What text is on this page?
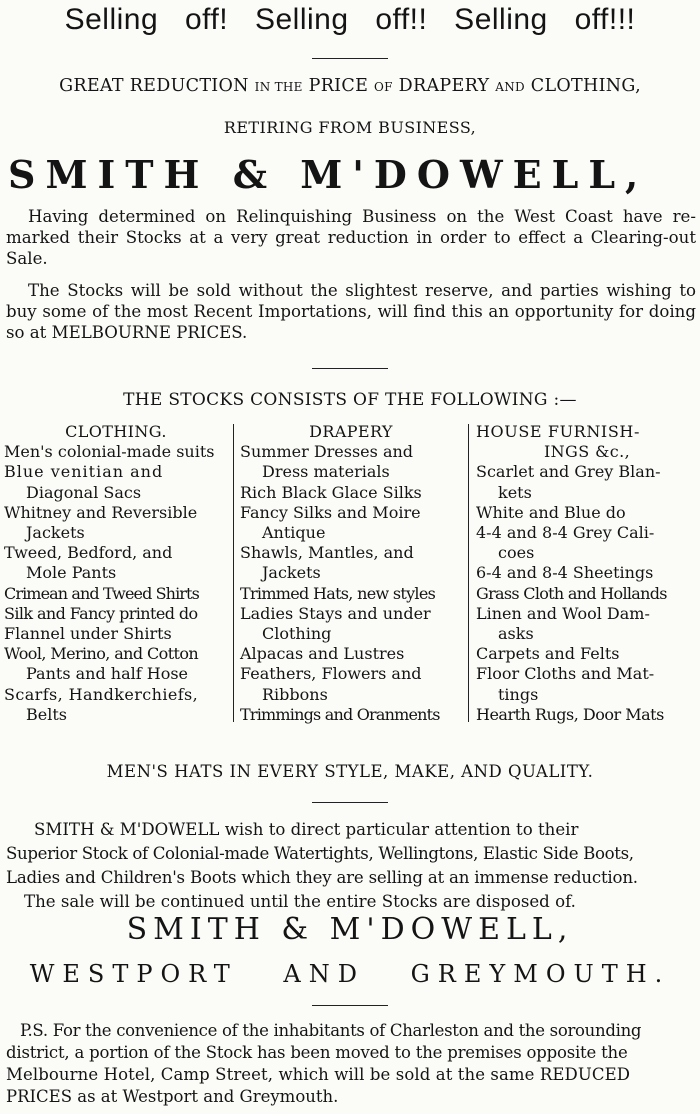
Selling off! Selling off!! Selling off!!!
GREAT REDUCTION IN THE PRICE OF DRAPERY AND CLOTHING,
RETIRING FROM BUSINESS,
SMITH & M'DOWELL,
Having determined on Relinquishing Business on the West Coast have re-marked their Stocks at a very great reduction in order to effect a Clearing-out Sale.
The Stocks will be sold without the slightest reserve, and parties wishing to buy some of the most Recent Importations, will find this an opportunity for doing so at MELBOURNE PRICES.
THE STOCKS CONSISTS OF THE FOLLOWING :—
CLOTHING.
Men's colonial-made suits
Blue venitian and
Diagonal Sacs
Whitney and Reversible
Jackets
Tweed, Bedford, and
Mole Pants
Crimean and Tweed Shirts
Silk and Fancy printed do
Flannel under Shirts
Wool, Merino, and Cotton
Pants and half Hose
Scarfs, Handkerchiefs,
Belts
DRAPERY
Summer Dresses and
Dress materials
Rich Black Glace Silks
Fancy Silks and Moire
Antique
Shawls, Mantles, and
Jackets
Trimmed Hats, new styles
Ladies Stays and under
Clothing
Alpacas and Lustres
Feathers, Flowers and
Ribbons
Trimmings and Oranments
HOUSE FURNISH-
INGS &c.,
Scarlet and Grey Blan-
kets
White and Blue do
4-4 and 8-4 Grey Cali-
coes
6-4 and 8-4 Sheetings
Grass Cloth and Hollands
Linen and Wool Dam-
asks
Carpets and Felts
Floor Cloths and Mat-
tings
Hearth Rugs, Door Mats
MEN'S HATS IN EVERY STYLE, MAKE, AND QUALITY.
SMITH & M'DOWELL wish to direct particular attention to their
Superior Stock of Colonial-made Watertights, Wellingtons, Elastic Side Boots,
Ladies and Children's Boots which they are selling at an immense reduction.
The sale will be continued until the entire Stocks are disposed of.
SMITH & M'DOWELL,
WESTPORT AND GREYMOUTH.
P.S. For the convenience of the inhabitants of Charleston and the sorounding
district, a portion of the Stock has been moved to the premises opposite the
Melbourne Hotel, Camp Street, which will be sold at the same REDUCED
PRICES as at Westport and Greymouth.
